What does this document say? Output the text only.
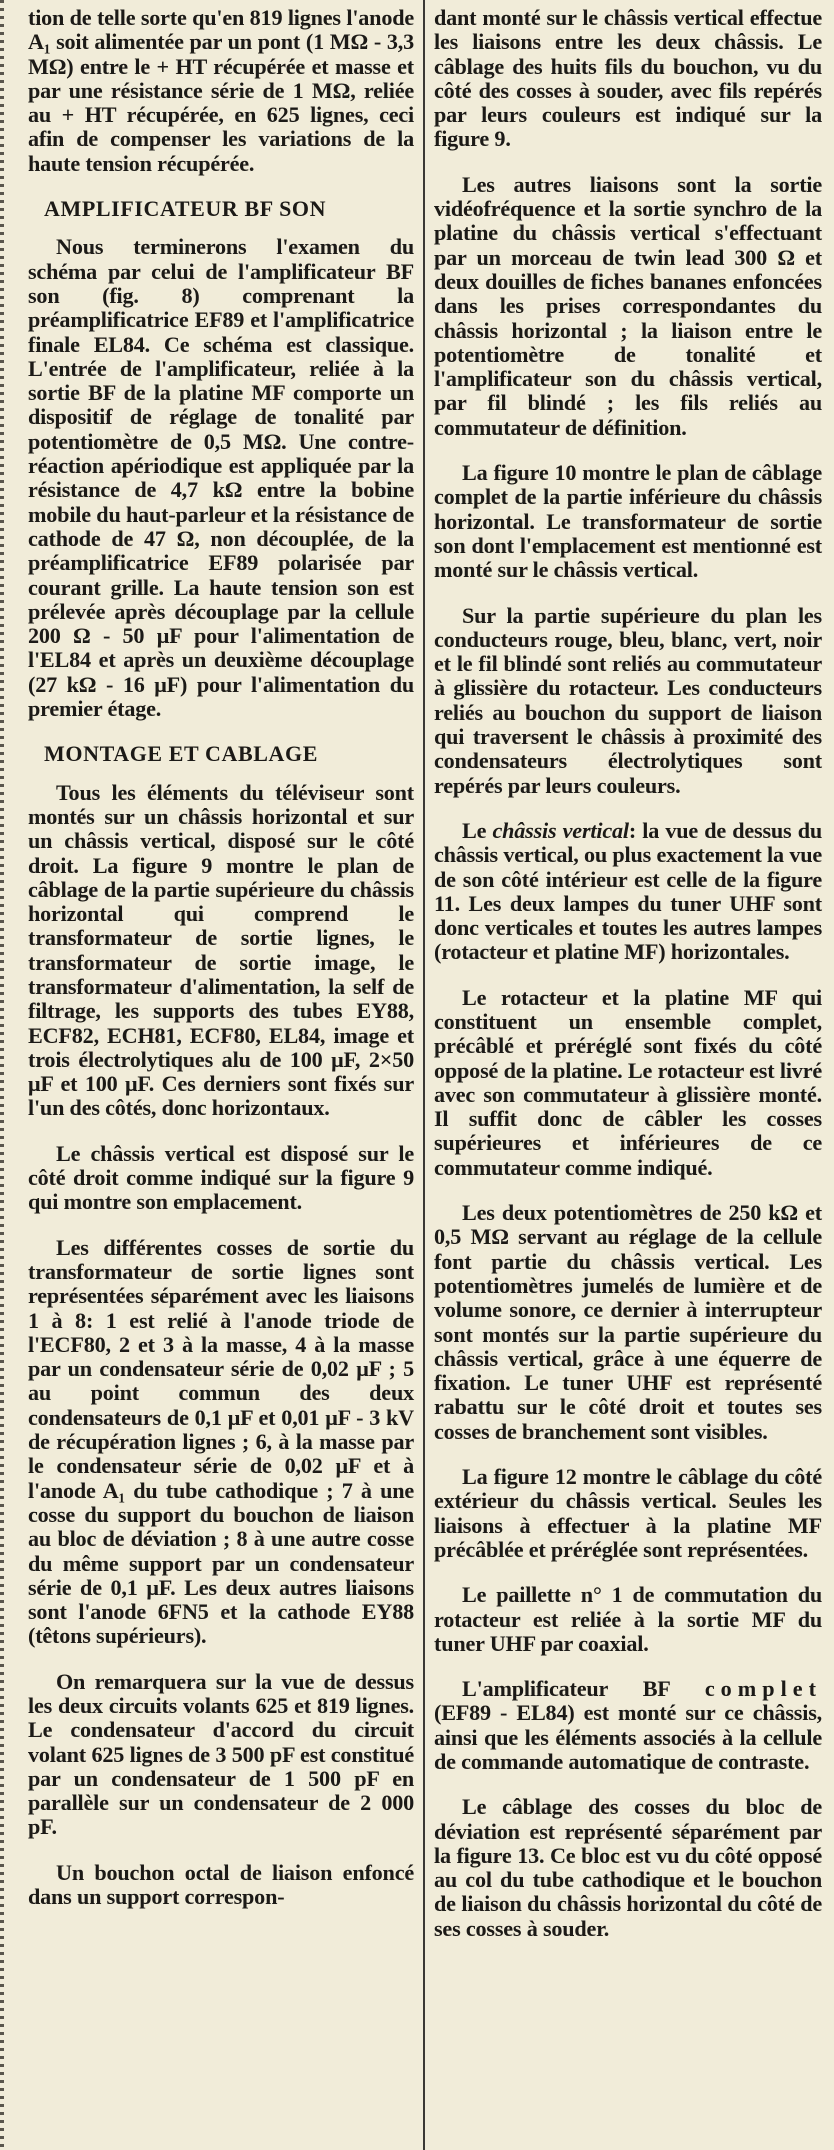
tion de telle sorte qu'en 819 lignes l'anode A₁ soit alimentée par un pont (1 MΩ - 3,3 MΩ) entre le + HT récupérée et masse et par une résistance série de 1 MΩ, reliée au + HT récupérée, en 625 lignes, ceci afin de compenser les variations de la haute tension récupérée.

AMPLIFICATEUR BF SON

Nous terminerons l'examen du schéma par celui de l'amplificateur BF son (fig. 8) comprenant la préamplificatrice EF89 et l'amplificatrice finale EL84. Ce schéma est classique. L'entrée de l'amplificateur, reliée à la sortie BF de la platine MF comporte un dispositif de réglage de tonalité par potentiomètre de 0,5 MΩ. Une contre-réaction apériodique est appliquée par la résistance de 4,7 kΩ entre la bobine mobile du haut-parleur et la résistance de cathode de 47 Ω, non découplée, de la préamplificatrice EF89 polarisée par courant grille. La haute tension son est prélevée après découplage par la cellule 200 Ω - 50 μF pour l'alimentation de l'EL84 et après un deuxième découplage (27 kΩ - 16 μF) pour l'alimentation du premier étage.

MONTAGE ET CABLAGE

Tous les éléments du téléviseur sont montés sur un châssis horizontal et sur un châssis vertical, disposé sur le côté droit. La figure 9 montre le plan de câblage de la partie supérieure du châssis horizontal qui comprend le transformateur de sortie lignes, le transformateur de sortie image, le transformateur d'alimentation, la self de filtrage, les supports des tubes EY88, ECF82, ECH81, ECF80, EL84, image et trois électrolytiques alu de 100 μF, 2×50 μF et 100 μF. Ces derniers sont fixés sur l'un des côtés, donc horizontaux.

Le châssis vertical est disposé sur le côté droit comme indiqué sur la figure 9 qui montre son emplacement.

Les différentes cosses de sortie du transformateur de sortie lignes sont représentées séparément avec les liaisons 1 à 8: 1 est relié à l'anode triode de l'ECF80, 2 et 3 à la masse, 4 à la masse par un condensateur série de 0,02 μF ; 5 au point commun des deux condensateurs de 0,1 μF et 0,01 μF - 3 kV de récupération lignes ; 6, à la masse par le condensateur série de 0,02 μF et à l'anode A₁ du tube cathodique ; 7 à une cosse du support du bouchon de liaison au bloc de déviation ; 8 à une autre cosse du même support par un condensateur série de 0,1 μF. Les deux autres liaisons sont l'anode 6FN5 et la cathode EY88 (têtons supérieurs).

On remarquera sur la vue de dessus les deux circuits volants 625 et 819 lignes. Le condensateur d'accord du circuit volant 625 lignes de 3 500 pF est constitué par un condensateur de 1 500 pF en parallèle sur un condensateur de 2 000 pF.

Un bouchon octal de liaison enfoncé dans un support correspon-

dant monté sur le châssis vertical effectue les liaisons entre les deux châssis. Le câblage des huits fils du bouchon, vu du côté des cosses à souder, avec fils repérés par leurs couleurs est indiqué sur la figure 9.

Les autres liaisons sont la sortie vidéofréquence et la sortie synchro de la platine du châssis vertical s'effectuant par un morceau de twin lead 300 Ω et deux douilles de fiches bananes enfoncées dans les prises correspondantes du châssis horizontal ; la liaison entre le potentiomètre de tonalité et l'amplificateur son du châssis vertical, par fil blindé ; les fils reliés au commutateur de définition.

La figure 10 montre le plan de câblage complet de la partie inférieure du châssis horizontal. Le transformateur de sortie son dont l'emplacement est mentionné est monté sur le châssis vertical.

Sur la partie supérieure du plan les conducteurs rouge, bleu, blanc, vert, noir et le fil blindé sont reliés au commutateur à glissière du rotacteur. Les conducteurs reliés au bouchon du support de liaison qui traversent le châssis à proximité des condensateurs électrolytiques sont repérés par leurs couleurs.

Le châssis vertical: la vue de dessus du châssis vertical, ou plus exactement la vue de son côté intérieur est celle de la figure 11. Les deux lampes du tuner UHF sont donc verticales et toutes les autres lampes (rotacteur et platine MF) horizontales.

Le rotacteur et la platine MF qui constituent un ensemble complet, précâblé et préréglé sont fixés du côté opposé de la platine. Le rotacteur est livré avec son commutateur à glissière monté. Il suffit donc de câbler les cosses supérieures et inférieures de ce commutateur comme indiqué.

Les deux potentiomètres de 250 kΩ et 0,5 MΩ servant au réglage de la cellule font partie du châssis vertical. Les potentiomètres jumelés de lumière et de volume sonore, ce dernier à interrupteur sont montés sur la partie supérieure du châssis vertical, grâce à une équerre de fixation. Le tuner UHF est représenté rabattu sur le côté droit et toutes ses cosses de branchement sont visibles.

La figure 12 montre le câblage du côté extérieur du châssis vertical. Seules les liaisons à effectuer à la platine MF précâblée et préréglée sont représentées.

Le paillette n° 1 de commutation du rotacteur est reliée à la sortie MF du tuner UHF par coaxial.

L'amplificateur BF complet (EF89 - EL84) est monté sur ce châssis, ainsi que les éléments associés à la cellule de commande automatique de contraste.

Le câblage des cosses du bloc de déviation est représenté séparément par la figure 13. Ce bloc est vu du côté opposé au col du tube cathodique et le bouchon de liaison du châssis horizontal du côté de ses cosses à souder.
